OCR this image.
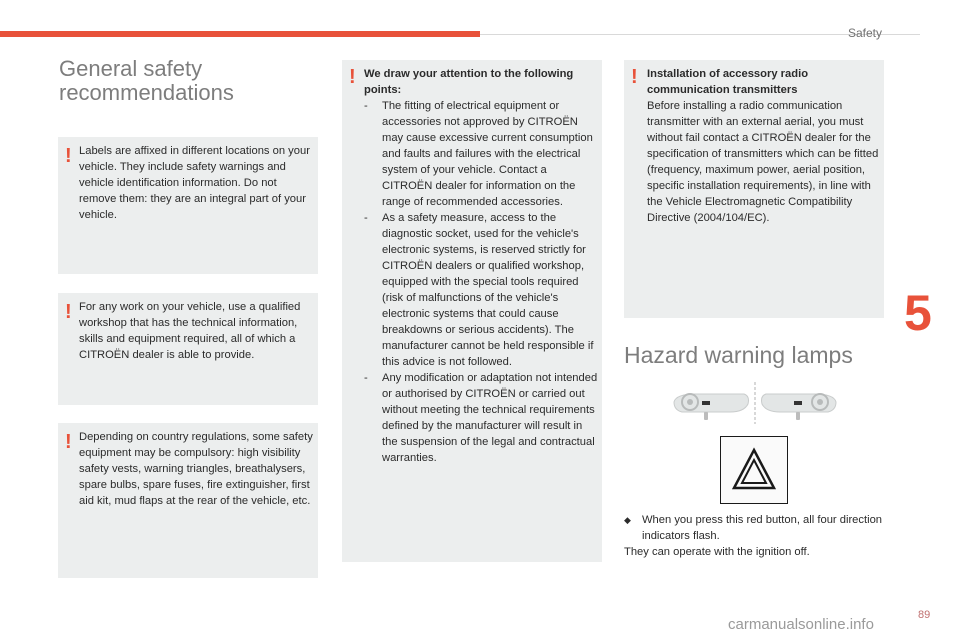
Safety
5
89
carmanualsonline.info
General safety recommendations
! Labels are affixed in different locations on your vehicle. They include safety warnings and vehicle identification information. Do not remove them: they are an integral part of your vehicle.
! For any work on your vehicle, use a qualified workshop that has the technical information, skills and equipment required, all of which a CITROËN dealer is able to provide.
! Depending on country regulations, some safety equipment may be compulsory: high visibility safety vests, warning triangles, breathalysers, spare bulbs, spare fuses, fire extinguisher, first aid kit, mud flaps at the rear of the vehicle, etc.
! We draw your attention to the following points:
- The fitting of electrical equipment or accessories not approved by CITROËN may cause excessive current consumption and faults and failures with the electrical system of your vehicle. Contact a CITROËN dealer for information on the range of recommended accessories.
- As a safety measure, access to the diagnostic socket, used for the vehicle's electronic systems, is reserved strictly for CITROËN dealers or qualified workshop, equipped with the special tools required (risk of malfunctions of the vehicle's electronic systems that could cause breakdowns or serious accidents). The manufacturer cannot be held responsible if this advice is not followed.
- Any modification or adaptation not intended or authorised by CITROËN or carried out without meeting the technical requirements defined by the manufacturer will result in the suspension of the legal and contractual warranties.
! Installation of accessory radio communication transmitters
Before installing a radio communication transmitter with an external aerial, you must without fail contact a CITROËN dealer for the specification of transmitters which can be fitted (frequency, maximum power, aerial position, specific installation requirements), in line with the Vehicle Electromagnetic Compatibility Directive (2004/104/EC).
Hazard warning lamps
◆ When you press this red button, all four direction indicators flash.
They can operate with the ignition off.
